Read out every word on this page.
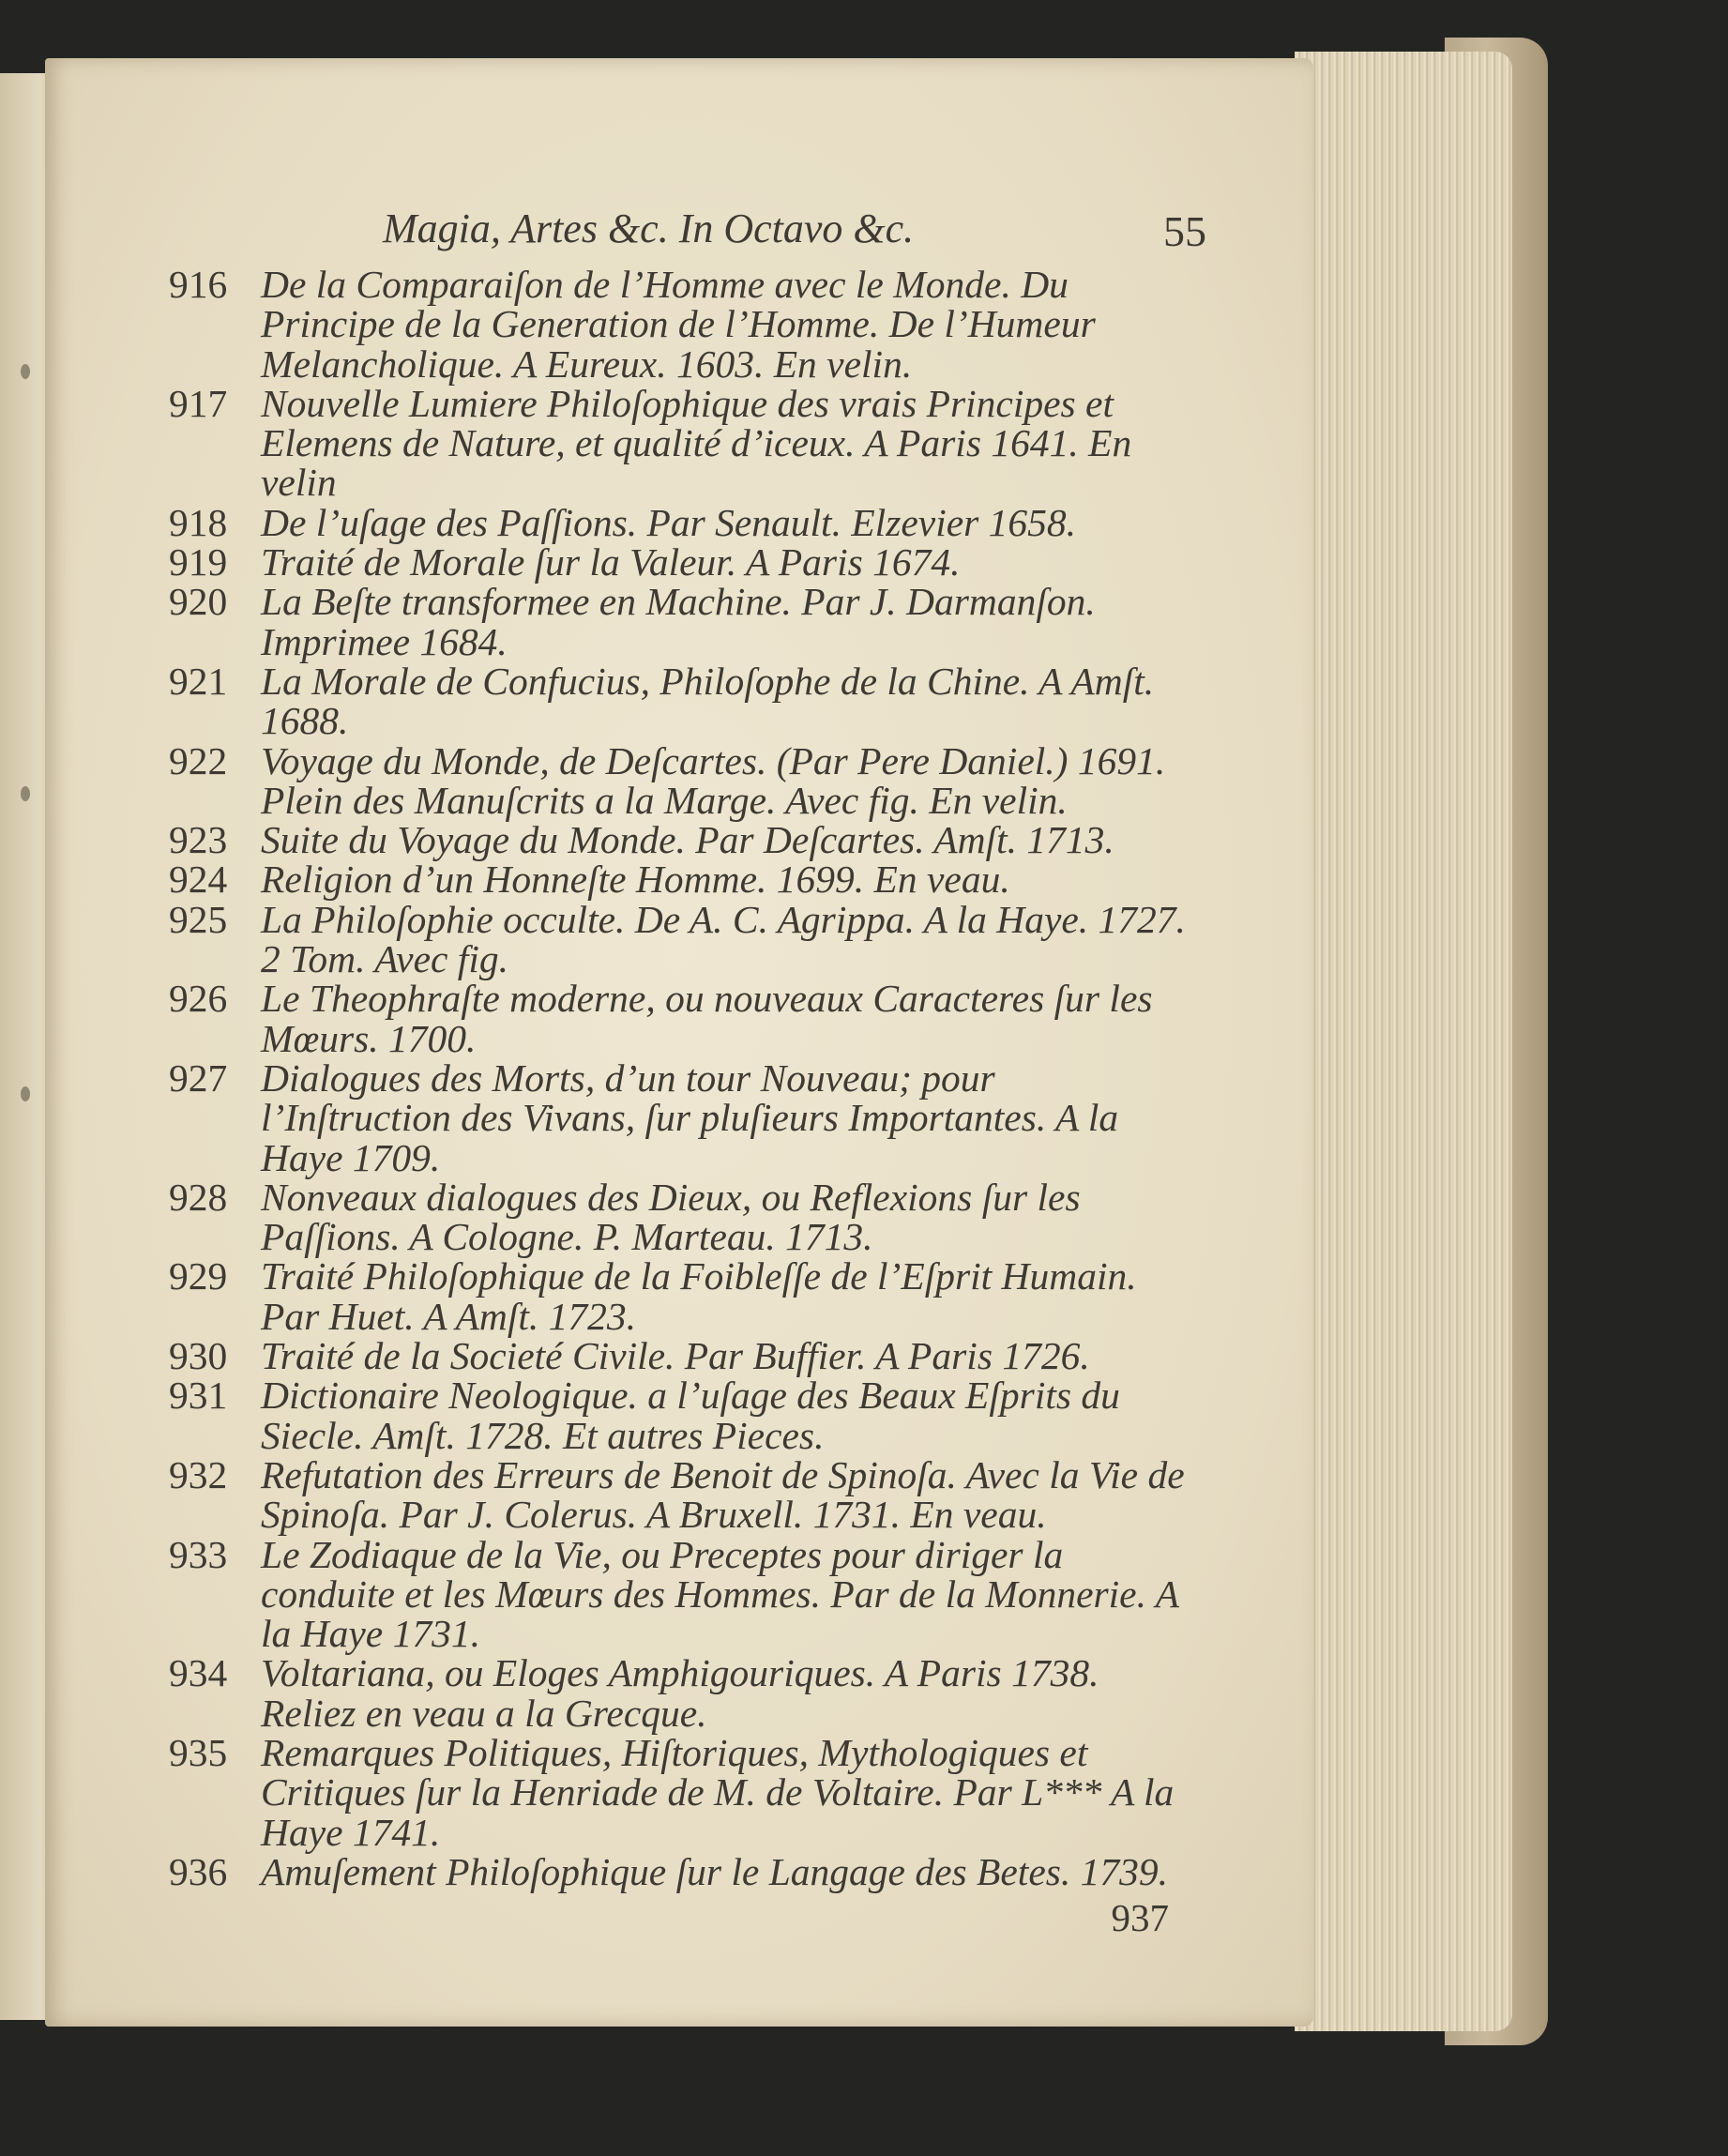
Magia, Artes &c. In Octavo &c.	55
916 De la Comparaiſon de l’Homme avec le Monde. Du Principe de la Generation de l’Homme. De l’Humeur Melancholique. A Eureux. 1603. En velin.
917 Nouvelle Lumiere Philoſophique des vrais Principes et Elemens de Nature, et qualité d’iceux. A Paris 1641. En velin
918 De l’uſage des Paſſions. Par Senault. Elzevier 1658.
919 Traité de Morale ſur la Valeur. A Paris 1674.
920 La Beſte transformee en Machine. Par J. Darmanſon. Imprimee 1684.
921 La Morale de Confucius, Philoſophe de la Chine. A Amſt. 1688.
922 Voyage du Monde, de Deſcartes. (Par Pere Daniel.) 1691. Plein des Manuſcrits a la Marge. Avec fig. En velin.
923 Suite du Voyage du Monde. Par Deſcartes. Amſt. 1713.
924 Religion d’un Honneſte Homme. 1699. En veau.
925 La Philoſophie occulte. De A. C. Agrippa. A la Haye. 1727. 2 Tom. Avec fig.
926 Le Theophraſte moderne, ou nouveaux Caracteres ſur les Mœurs. 1700.
927 Dialogues des Morts, d’un tour Nouveau; pour l’Inſtruction des Vivans, ſur pluſieurs Importantes. A la Haye 1709.
928 Nonveaux dialogues des Dieux, ou Reflexions ſur les Paſſions. A Cologne. P. Marteau. 1713.
929 Traité Philoſophique de la Foibleſſe de l’Eſprit Humain. Par Huet. A Amſt. 1723.
930 Traité de la Societé Civile. Par Buffier. A Paris 1726.
931 Dictionaire Neologique. a l’uſage des Beaux Eſprits du Siecle. Amſt. 1728. Et autres Pieces.
932 Refutation des Erreurs de Benoit de Spinoſa. Avec la Vie de Spinoſa. Par J. Colerus. A Bruxell. 1731. En veau.
933 Le Zodiaque de la Vie, ou Preceptes pour diriger la conduite et les Mœurs des Hommes. Par de la Monnerie. A la Haye 1731.
934 Voltariana, ou Eloges Amphigouriques. A Paris 1738. Reliez en veau a la Grecque.
935 Remarques Politiques, Hiſtoriques, Mythologiques et Critiques ſur la Henriade de M. de Voltaire. Par L*** A la Haye 1741.
936 Amuſement Philoſophique ſur le Langage des Betes. 1739.
937
